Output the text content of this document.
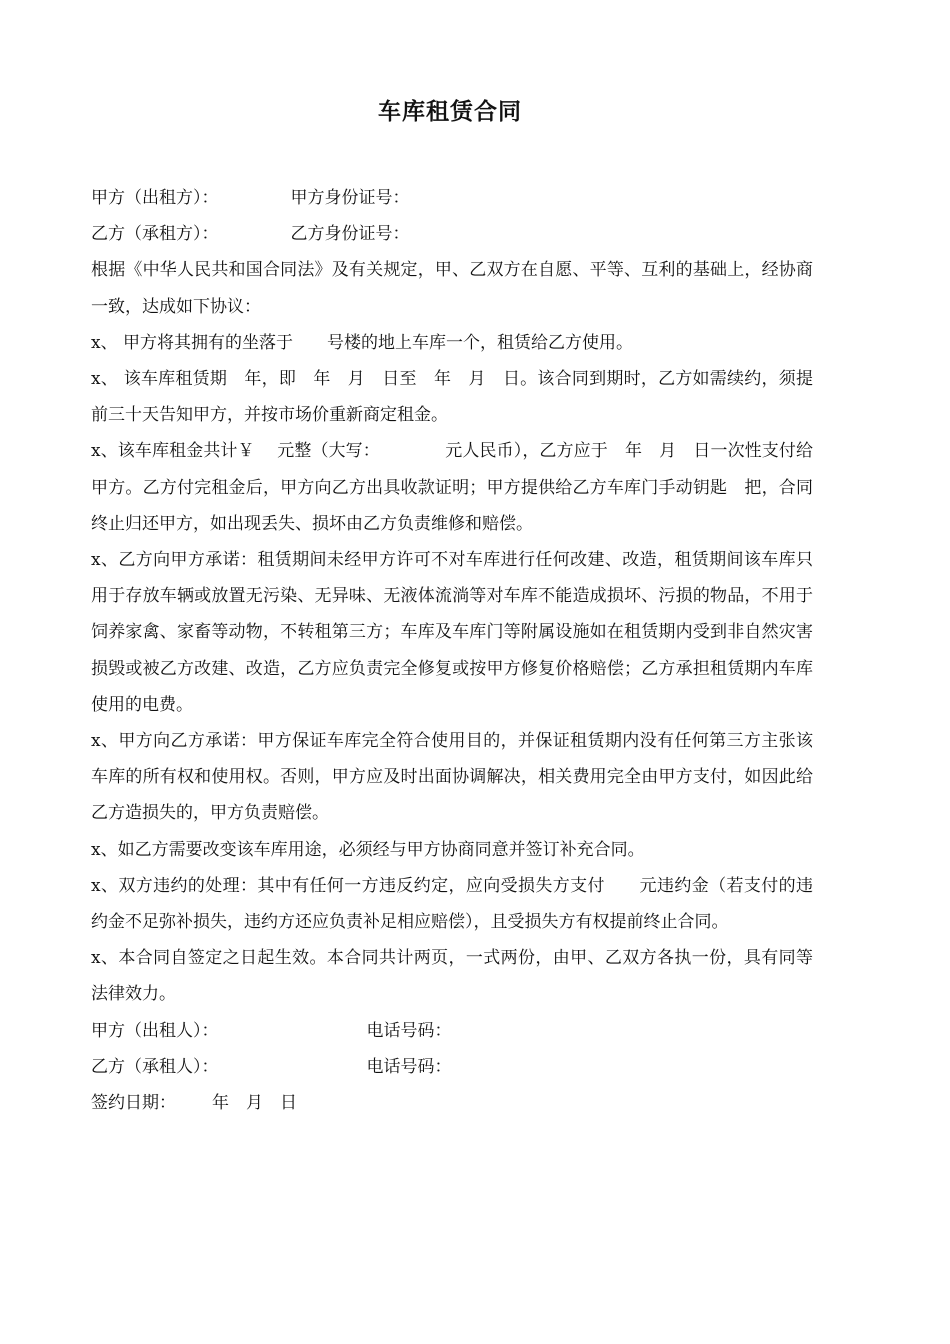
车库租赁合同
甲方（出租方）：	甲方身份证号：
乙方（承租方）：	乙方身份证号：
根据《中华人民共和国合同法》及有关规定，甲、乙双方在自愿、平等、互利的基础上，经协商一致，达成如下协议：
x、 甲方将其拥有的坐落于　　号楼的地上车库一个，租赁给乙方使用。
x、 该车库租赁期　年，即　年　月　日至　年　月　日。该合同到期时，乙方如需续约，须提前三十天告知甲方，并按市场价重新商定租金。
x、该车库租金共计￥　 元整（大写：　　　　 元人民币），乙方应于　年　月　日一次性支付给甲方。乙方付完租金后，甲方向乙方出具收款证明；甲方提供给乙方车库门手动钥匙　把，合同终止归还甲方，如出现丢失、损坏由乙方负责维修和赔偿。
x、乙方向甲方承诺：租赁期间未经甲方许可不对车库进行任何改建、改造，租赁期间该车库只用于存放车辆或放置无污染、无异味、无液体流淌等对车库不能造成损坏、污损的物品，不用于饲养家禽、家畜等动物，不转租第三方；车库及车库门等附属设施如在租赁期内受到非自然灾害损毁或被乙方改建、改造，乙方应负责完全修复或按甲方修复价格赔偿；乙方承担租赁期内车库使用的电费。
x、甲方向乙方承诺：甲方保证车库完全符合使用目的，并保证租赁期内没有任何第三方主张该车库的所有权和使用权。否则，甲方应及时出面协调解决，相关费用完全由甲方支付，如因此给乙方造损失的，甲方负责赔偿。
x、如乙方需要改变该车库用途，必须经与甲方协商同意并签订补充合同。
x、双方违约的处理：其中有任何一方违反约定，应向受损失方支付　　元违约金（若支付的违约金不足弥补损失，违约方还应负责补足相应赔偿），且受损失方有权提前终止合同。
x、本合同自签定之日起生效。本合同共计两页，一式两份，由甲、乙双方各执一份，具有同等法律效力。
甲方（出租人）：	电话号码：
乙方（承租人）：	电话号码：
签约日期： 年　月　日
